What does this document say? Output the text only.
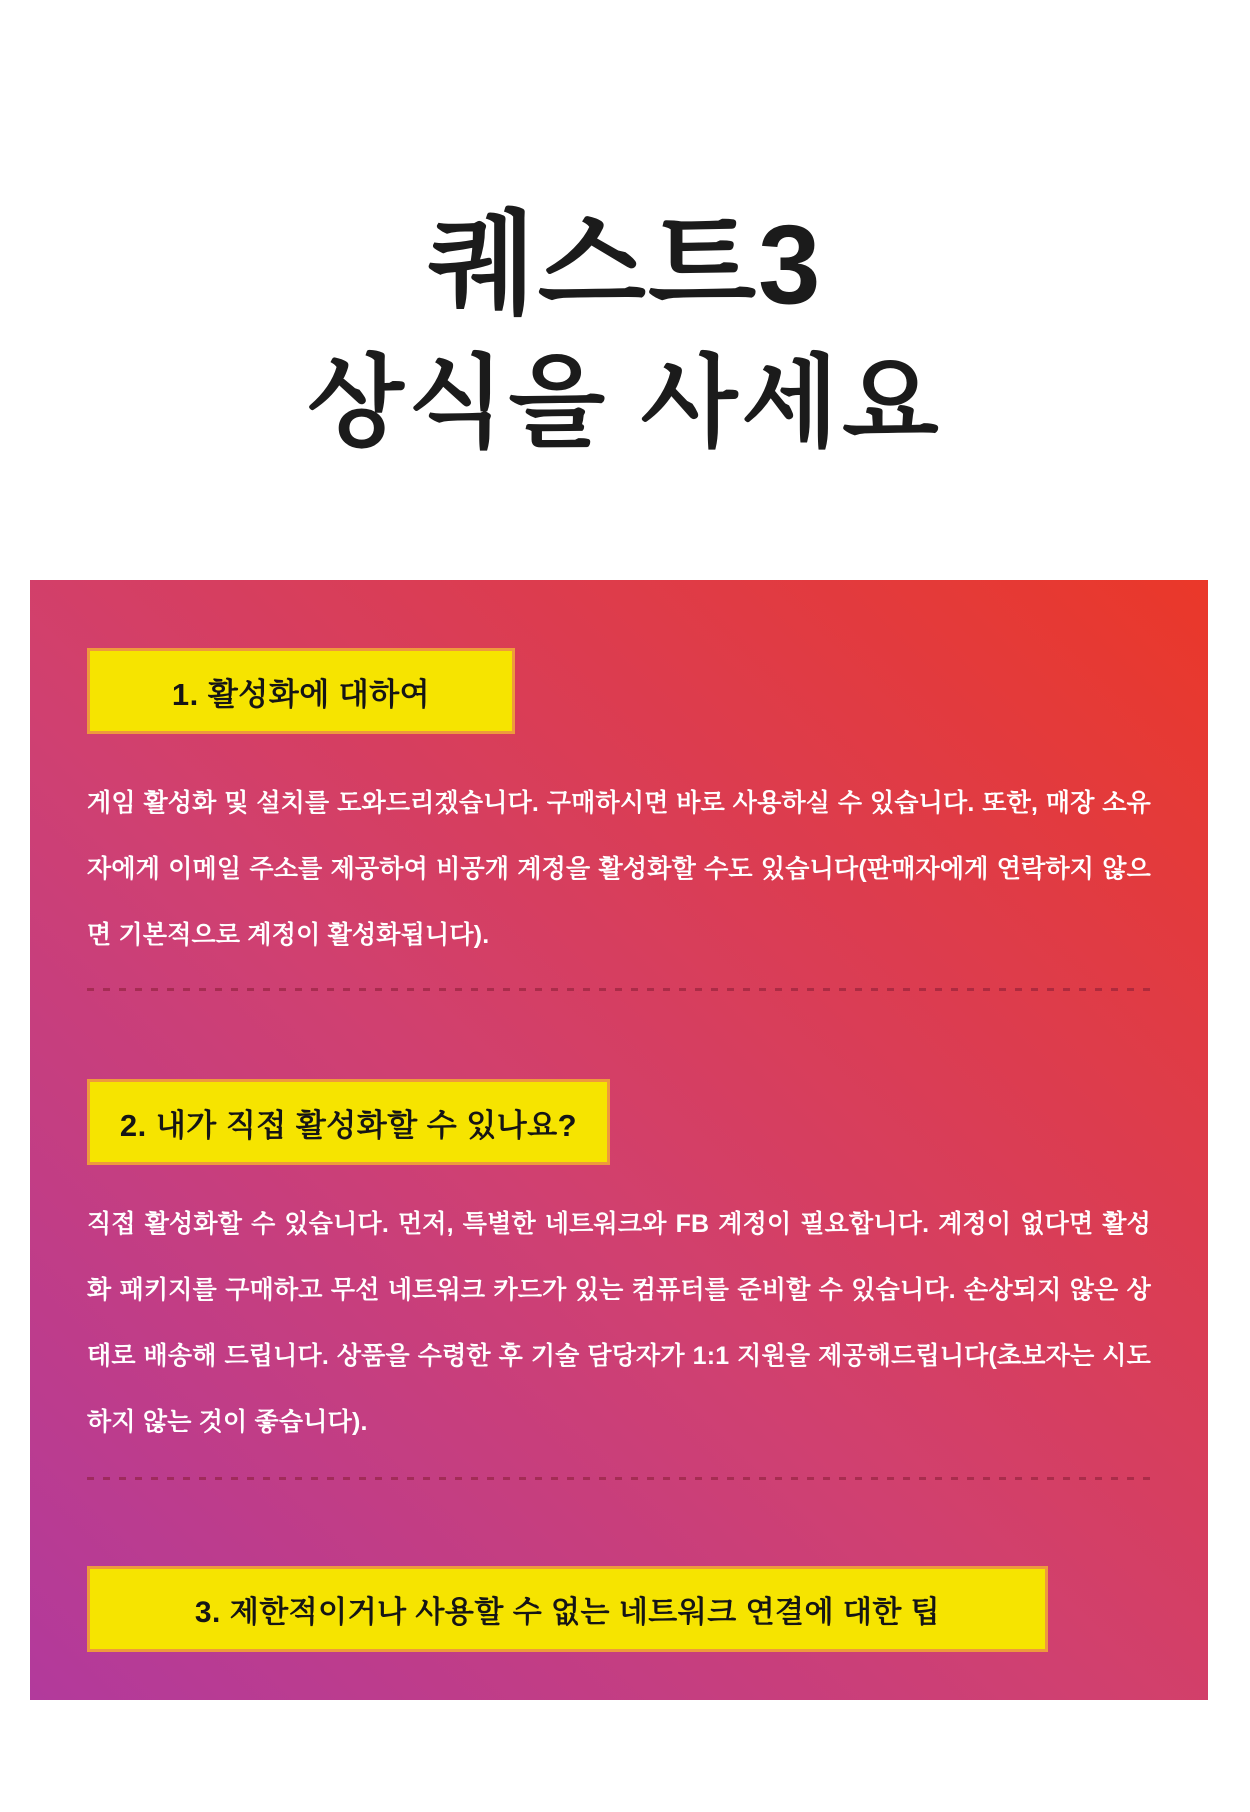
퀘스트3
상식을 사세요
1. 활성화에 대하여

게임 활성화 및 설치를 도와드리겠습니다. 구매하시면 바로 사용하실 수 있습니다. 또한, 매장 소유자에게 이메일 주소를 제공하여 비공개 계정을 활성화할 수도 있습니다(판매자에게 연락하지 않으면 기본적으로 계정이 활성화됩니다).

2. 내가 직접 활성화할 수 있나요?

직접 활성화할 수 있습니다. 먼저, 특별한 네트워크와 FB 계정이 필요합니다. 계정이 없다면 활성화 패키지를 구매하고 무선 네트워크 카드가 있는 컴퓨터를 준비할 수 있습니다. 손상되지 않은 상태로 배송해 드립니다. 상품을 수령한 후 기술 담당자가 1:1 지원을 제공해드립니다(초보자는 시도하지 않는 것이 좋습니다).

3. 제한적이거나 사용할 수 없는 네트워크 연결에 대한 팁

홈 네트워크에 연결하면 네트워크 연결이 제한되었거나 네트워크를 사용할 수 없다는 메시지가 표시될 수 있습니다. 이는 실제로 정상입니다.
